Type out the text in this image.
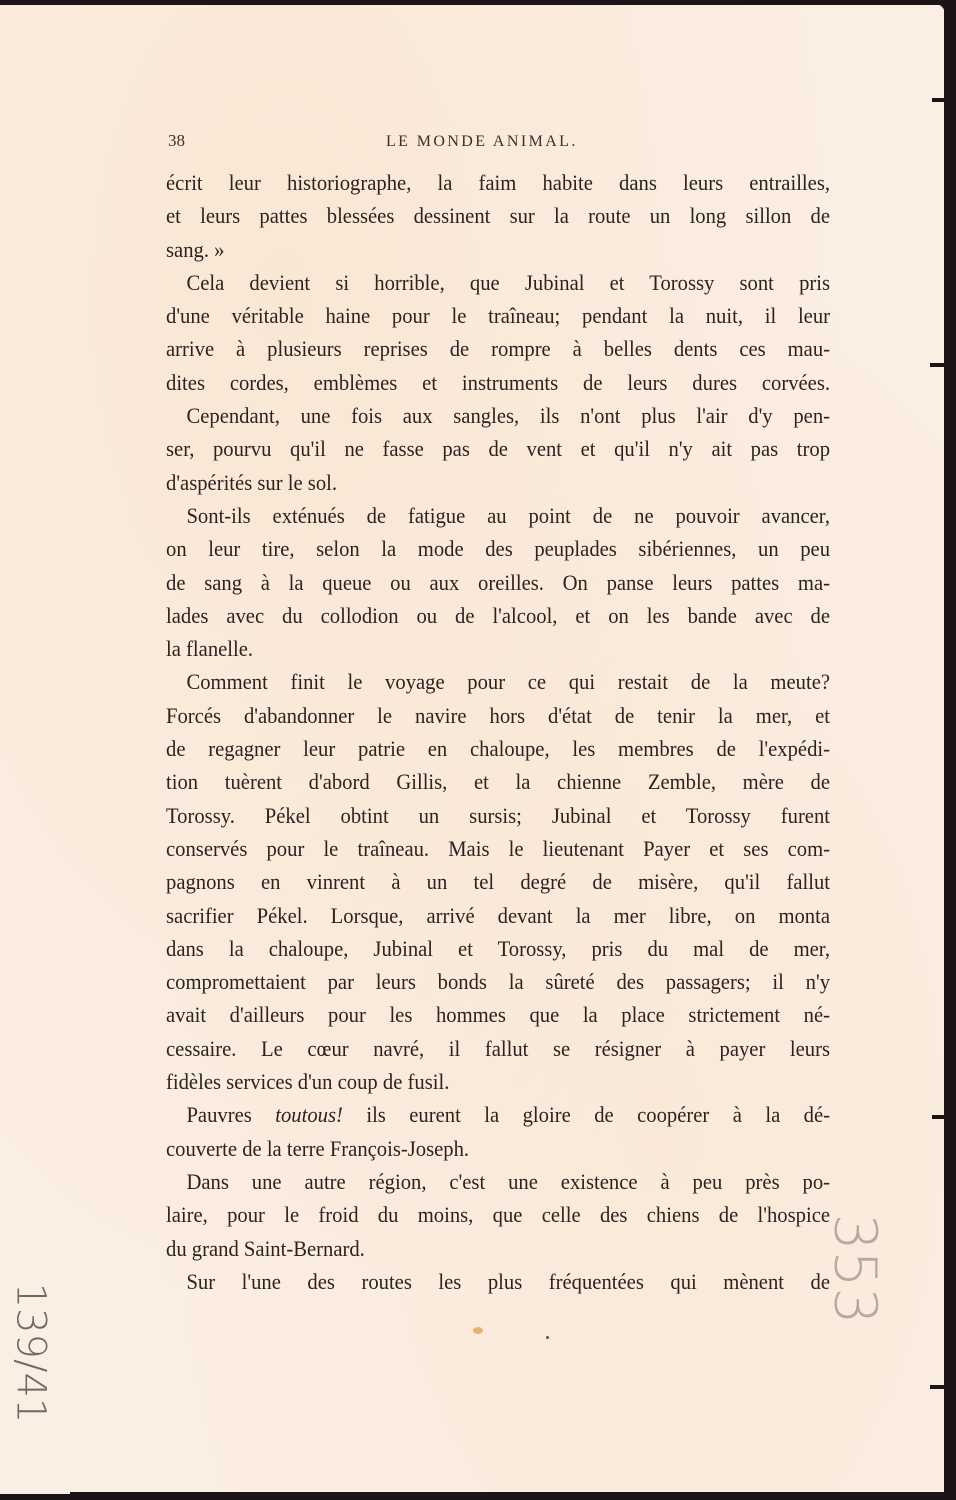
38	LE MONDE ANIMAL.
écrit leur historiographe, la faim habite dans leurs entrailles,
et leurs pattes blessées dessinent sur la route un long sillon de
sang. »
Cela devient si horrible, que Jubinal et Torossy sont pris
d'une véritable haine pour le traîneau; pendant la nuit, il leur
arrive à plusieurs reprises de rompre à belles dents ces mau-
dites cordes, emblèmes et instruments de leurs dures corvées.
Cependant, une fois aux sangles, ils n'ont plus l'air d'y pen-
ser, pourvu qu'il ne fasse pas de vent et qu'il n'y ait pas trop
d'aspérités sur le sol.
Sont-ils exténués de fatigue au point de ne pouvoir avancer,
on leur tire, selon la mode des peuplades sibériennes, un peu
de sang à la queue ou aux oreilles. On panse leurs pattes ma-
lades avec du collodion ou de l'alcool, et on les bande avec de
la flanelle.
Comment finit le voyage pour ce qui restait de la meute?
Forcés d'abandonner le navire hors d'état de tenir la mer, et
de regagner leur patrie en chaloupe, les membres de l'expédi-
tion tuèrent d'abord Gillis, et la chienne Zemble, mère de
Torossy. Pékel obtint un sursis; Jubinal et Torossy furent
conservés pour le traîneau. Mais le lieutenant Payer et ses com-
pagnons en vinrent à un tel degré de misère, qu'il fallut
sacrifier Pékel. Lorsque, arrivé devant la mer libre, on monta
dans la chaloupe, Jubinal et Torossy, pris du mal de mer,
compromettaient par leurs bonds la sûreté des passagers; il n'y
avait d'ailleurs pour les hommes que la place strictement né-
cessaire. Le cœur navré, il fallut se résigner à payer leurs
fidèles services d'un coup de fusil.
Pauvres toutous! ils eurent la gloire de coopérer à la dé-
couverte de la terre François-Joseph.
Dans une autre région, c'est une existence à peu près po-
laire, pour le froid du moins, que celle des chiens de l'hospice
du grand Saint-Bernard.
Sur l'une des routes les plus fréquentées qui mènent de
353
139/41
